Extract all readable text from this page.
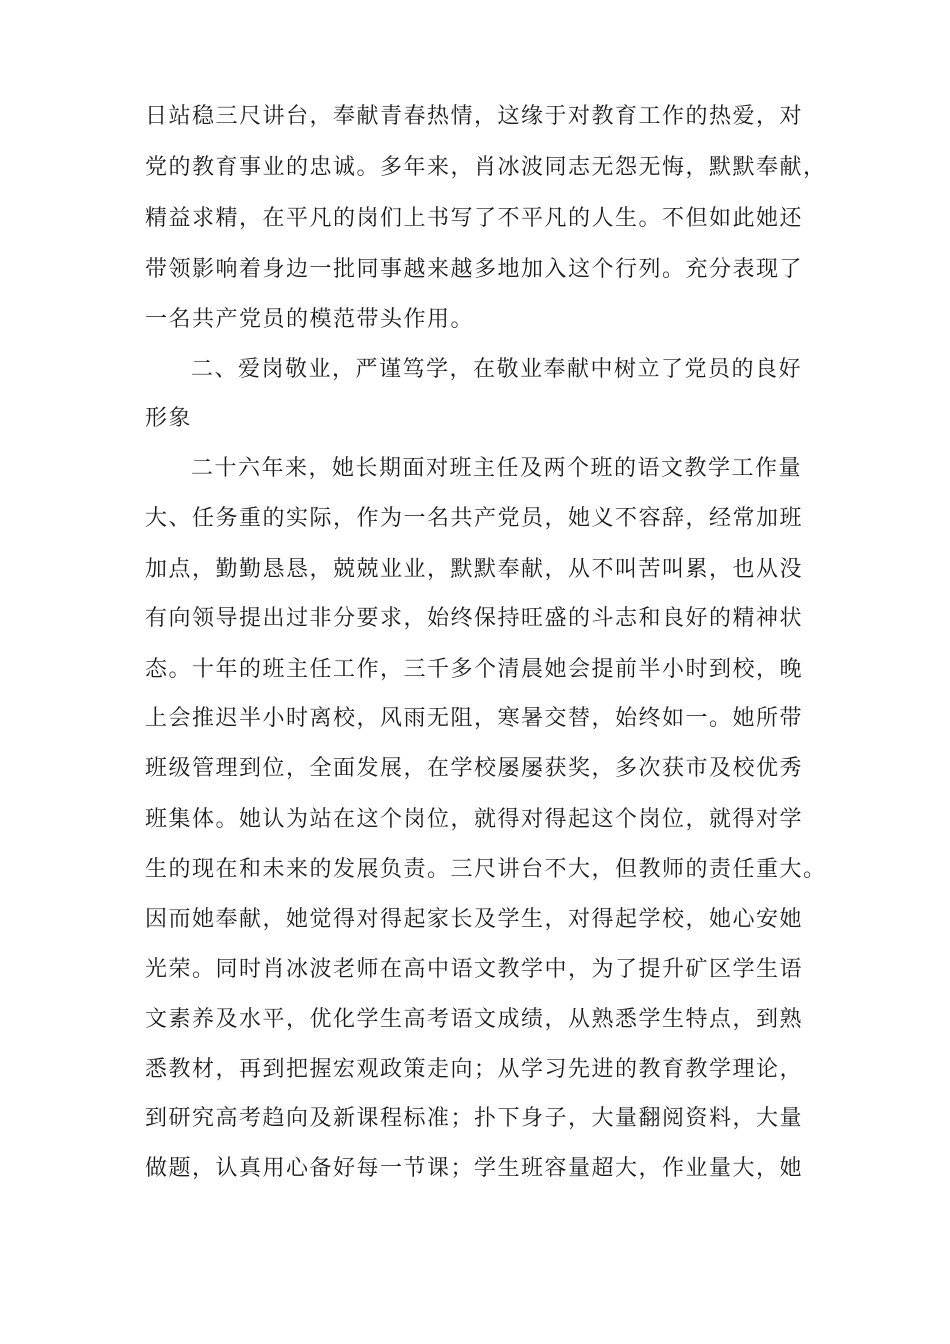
日站稳三尺讲台，奉献青春热情，这缘于对教育工作的热爱，对
党的教育事业的忠诚。多年来，肖冰波同志无怨无悔，默默奉献，
精益求精，在平凡的岗们上书写了不平凡的人生。不但如此她还
带领影响着身边一批同事越来越多地加入这个行列。充分表现了
一名共产党员的模范带头作用。
二、爱岗敬业，严谨笃学，在敬业奉献中树立了党员的良好
形象
二十六年来，她长期面对班主任及两个班的语文教学工作量
大、任务重的实际，作为一名共产党员，她义不容辞，经常加班
加点，勤勤恳恳，兢兢业业，默默奉献，从不叫苦叫累，也从没
有向领导提出过非分要求，始终保持旺盛的斗志和良好的精神状
态。十年的班主任工作，三千多个清晨她会提前半小时到校，晚
上会推迟半小时离校，风雨无阻，寒暑交替，始终如一。她所带
班级管理到位，全面发展，在学校屡屡获奖，多次获市及校优秀
班集体。她认为站在这个岗位，就得对得起这个岗位，就得对学
生的现在和未来的发展负责。三尺讲台不大，但教师的责任重大。
因而她奉献，她觉得对得起家长及学生，对得起学校，她心安她
光荣。同时肖冰波老师在高中语文教学中，为了提升矿区学生语
文素养及水平，优化学生高考语文成绩，从熟悉学生特点，到熟
悉教材，再到把握宏观政策走向；从学习先进的教育教学理论，
到研究高考趋向及新课程标准；扑下身子，大量翻阅资料，大量
做题，认真用心备好每一节课；学生班容量超大，作业量大，她
